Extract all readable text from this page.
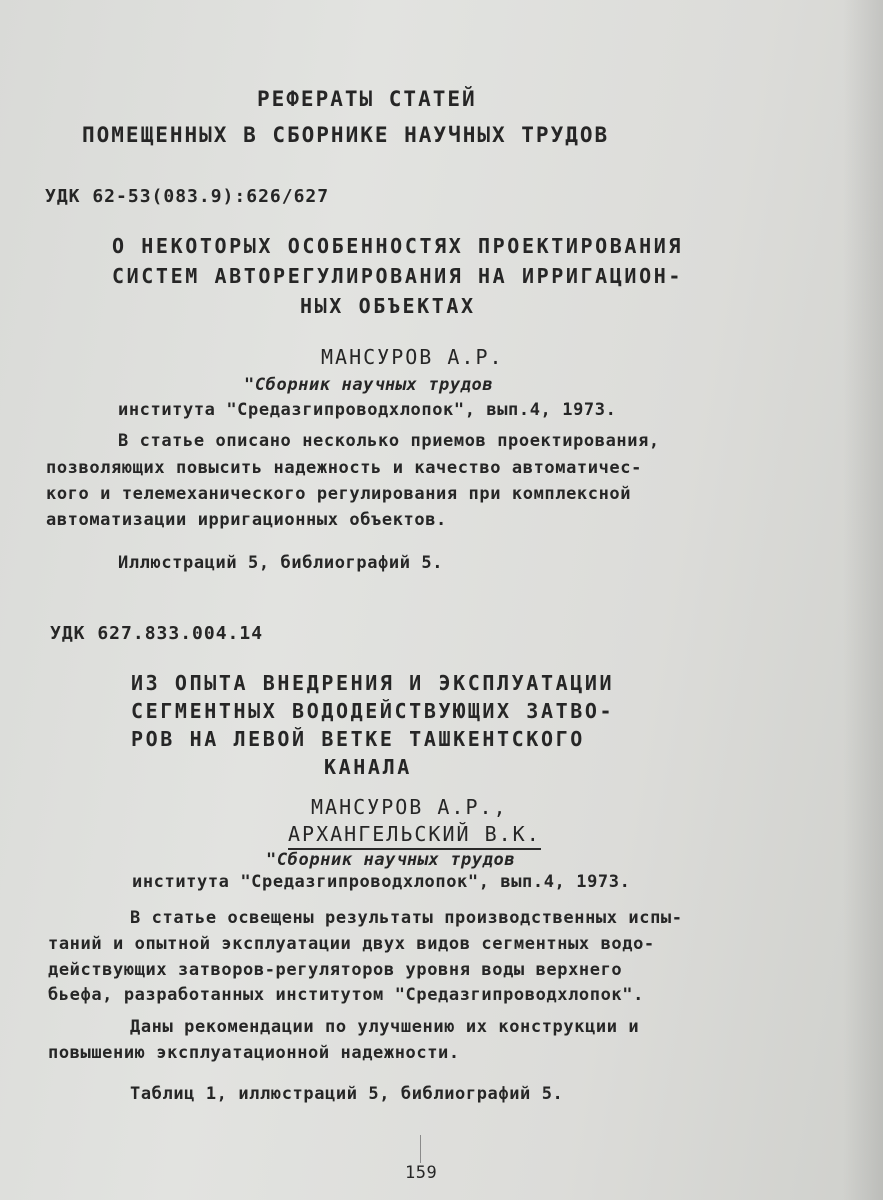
РЕФЕРАТЫ СТАТЕЙ
ПОМЕЩЕННЫХ В СБОРНИКЕ НАУЧНЫХ ТРУДОВ
УДК 62-53(083.9):626/627
О НЕКОТОРЫХ ОСОБЕННОСТЯХ ПРОЕКТИРОВАНИЯ
СИСТЕМ АВТОРЕГУЛИРОВАНИЯ НА ИРРИГАЦИОН-
НЫХ ОБЪЕКТАХ
МАНСУРОВ А.Р.
"Сборник научных трудов
института "Средазгипроводхлопок", вып.4, 1973.
В статье описано несколько приемов проектирования,
позволяющих повысить надежность и качество автоматичес-
кого и телемеханического регулирования при комплексной
автоматизации ирригационных объектов.
Иллюстраций 5, библиографий 5.
УДК 627.833.004.14
ИЗ ОПЫТА ВНЕДРЕНИЯ И ЭКСПЛУАТАЦИИ
СЕГМЕНТНЫХ ВОДОДЕЙСТВУЮЩИХ ЗАТВО-
РОВ НА ЛЕВОЙ ВЕТКЕ ТАШКЕНТСКОГО
КАНАЛА
МАНСУРОВ А.Р.,
АРХАНГЕЛЬСКИЙ В.К.
"Сборник научных трудов
института "Средазгипроводхлопок", вып.4, 1973.
В статье освещены результаты производственных испы-
таний и опытной эксплуатации двух видов сегментных водо-
действующих затворов-регуляторов уровня воды верхнего
бьефа, разработанных институтом "Средазгипроводхлопок".
Даны рекомендации по улучшению их конструкции и
повышению эксплуатационной надежности.
Таблиц 1, иллюстраций 5, библиографий 5.
159
